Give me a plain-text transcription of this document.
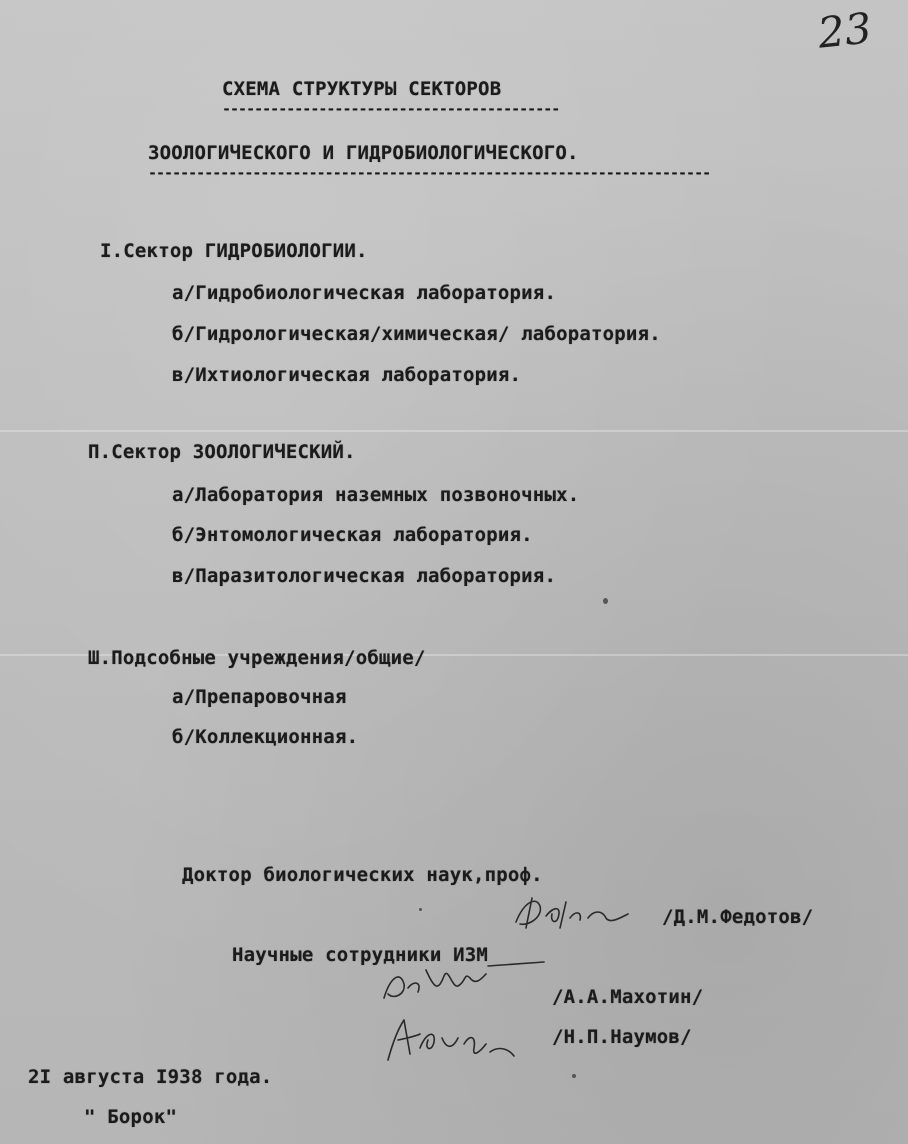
23
СХЕМА СТРУКТУРЫ СЕКТОРОВ
------------------------------------------
ЗООЛОГИЧЕСКОГО И ГИДРОБИОЛОГИЧЕСКОГО.
----------------------------------------------------------------------
I.Сектор ГИДРОБИОЛОГИИ.
а/Гидробиологическая лаборатория.
б/Гидрологическая/химическая/ лаборатория.
в/Ихтиологическая лаборатория.
П.Сектор ЗООЛОГИЧЕСКИЙ.
а/Лаборатория наземных позвоночных.
б/Энтомологическая лаборатория.
в/Паразитологическая лаборатория.
Ш.Подсобные учреждения/общие/
а/Препаровочная
б/Коллекционная.
Доктор биологических наук,проф.
/Д.М.Федотов/
Научные сотрудники ИЗМ
/А.А.Махотин/
/Н.П.Наумов/
2I августа I938 года.
" Борок"
